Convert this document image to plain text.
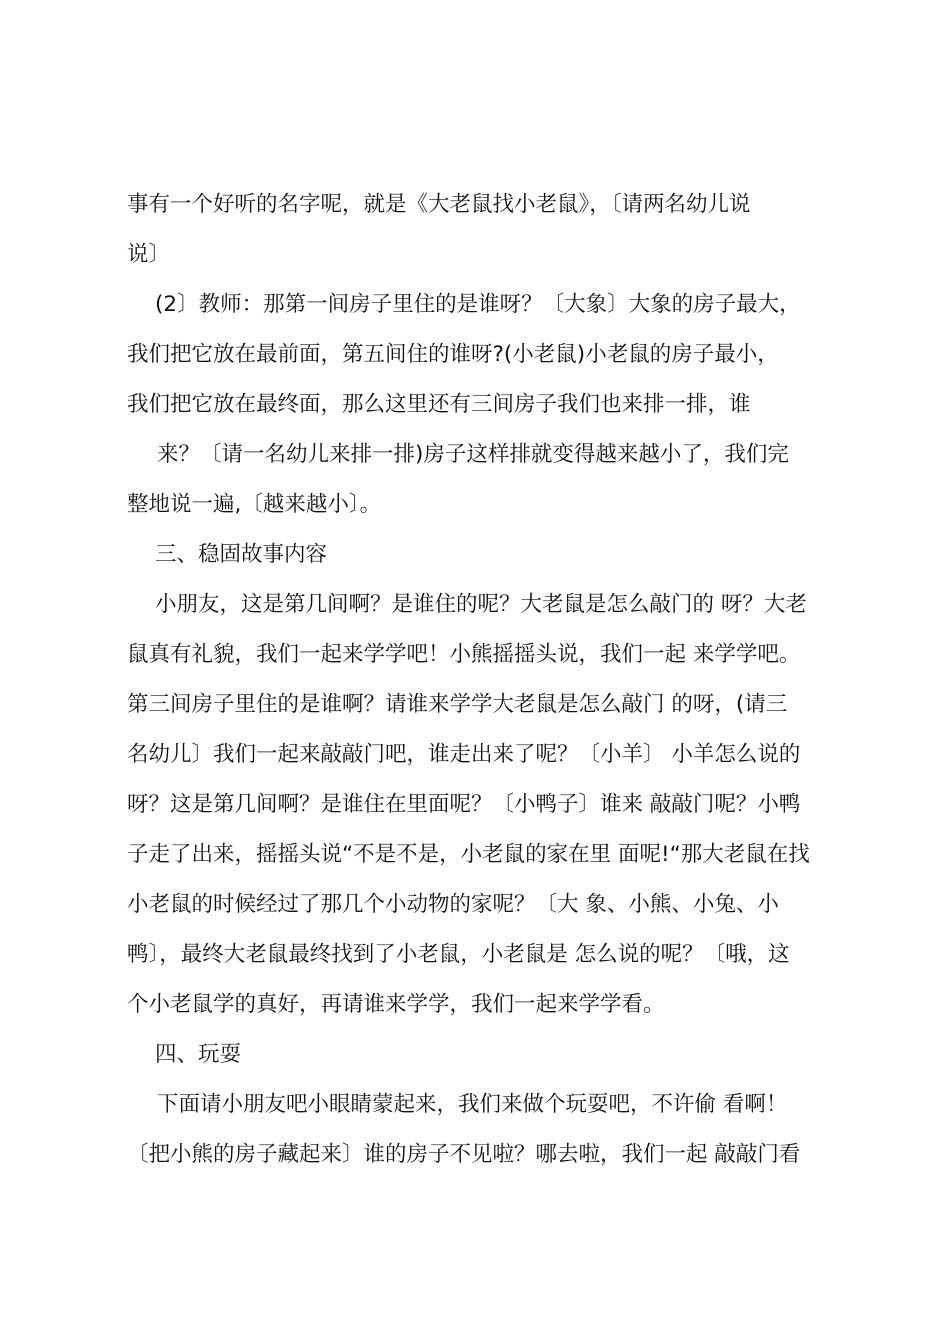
事有一个好听的名字呢，就是《大老鼠找小老鼠》，〔请两名幼儿说
说〕
(2〕教师：那第一间房子里住的是谁呀？〔大象〕大象的房子最大，
我们把它放在最前面，第五间住的谁呀?(小老鼠)小老鼠的房子最小，
我们把它放在最终面，那么这里还有三间房子我们也来排一排，谁
来？〔请一名幼儿来排一排)房子这样排就变得越来越小了，我们完
整地说一遍,〔越来越小〕。
三、稳固故事内容
小朋友，这是第几间啊？是谁住的呢？大老鼠是怎么敲门的 呀？大老
鼠真有礼貌，我们一起来学学吧！小熊摇摇头说，我们一起 来学学吧。
第三间房子里住的是谁啊？请谁来学学大老鼠是怎么敲门 的呀，(请三
名幼儿〕我们一起来敲敲门吧，谁走出来了呢？〔小羊〕 小羊怎么说的
呀？这是第几间啊？是谁住在里面呢？〔小鸭子〕谁来 敲敲门呢？小鸭
子走了出来，摇摇头说“不是不是，小老鼠的家在里 面呢!“那大老鼠在找
小老鼠的时候经过了那几个小动物的家呢？〔大 象、小熊、小兔、小
鸭〕，最终大老鼠最终找到了小老鼠，小老鼠是 怎么说的呢？〔哦，这
个小老鼠学的真好，再请谁来学学，我们一起来学学看。
四、玩耍
下面请小朋友吧小眼睛蒙起来，我们来做个玩耍吧，不许偷 看啊！
〔把小熊的房子藏起来〕谁的房子不见啦？哪去啦，我们一起 敲敲门看
